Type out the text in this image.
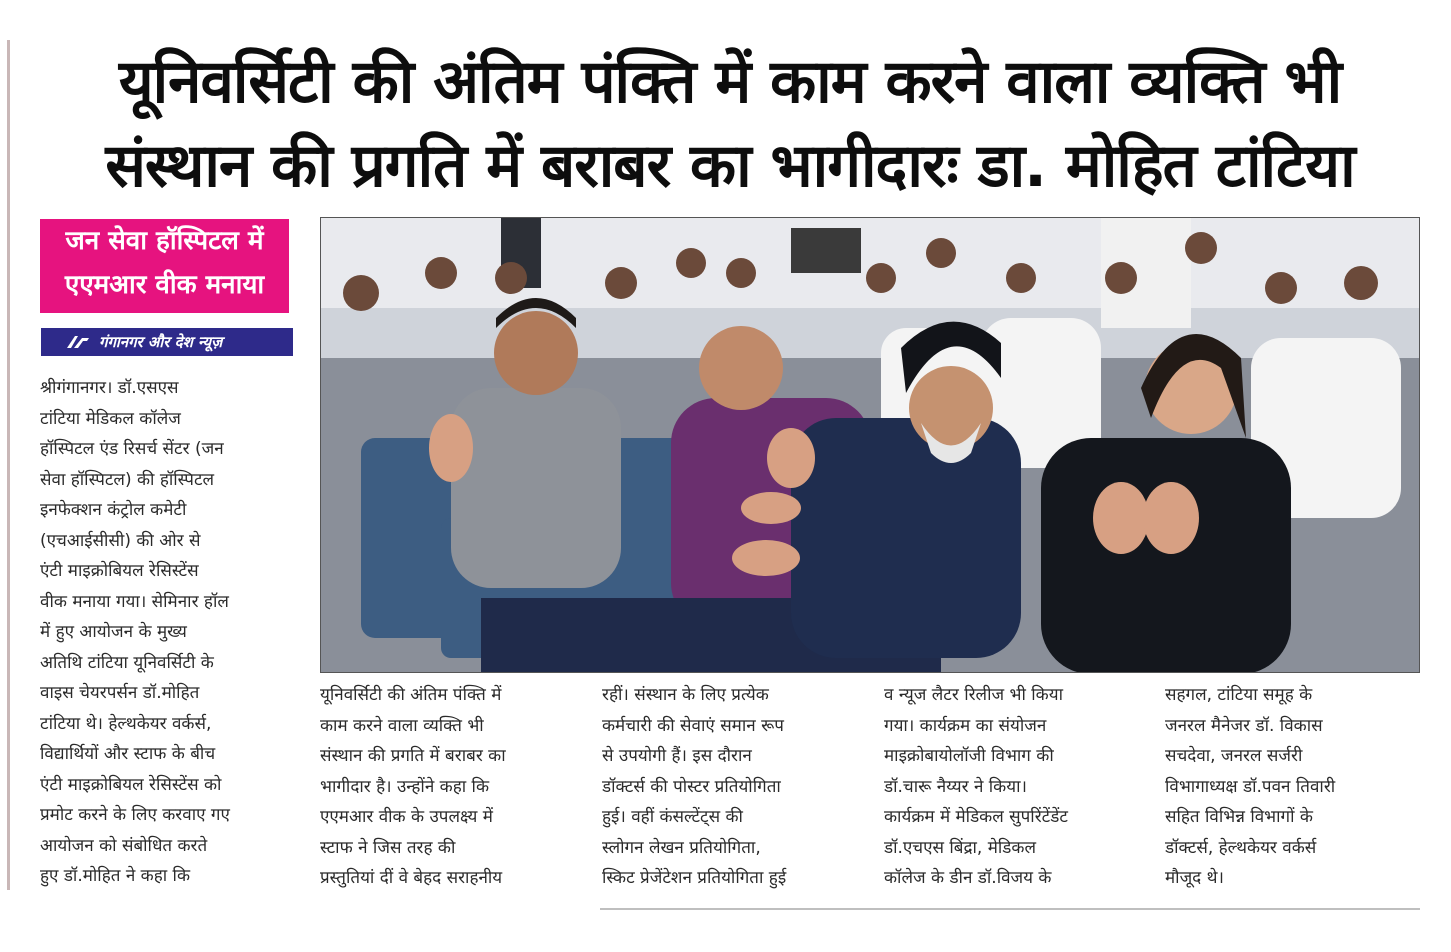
यूनिवर्सिटी की अंतिम पंक्ति में काम करने वाला व्यक्ति भी
संस्थान की प्रगति में बराबर का भागीदारः डा. मोहित टांटिया
जन सेवा हॉस्पिटल में
एएमआर वीक मनाया
गंगानगर और देश न्यूज़
श्रीगंगानगर। डॉ.एसएस
टांटिया मेडिकल कॉलेज
हॉस्पिटल एंड रिसर्च सेंटर (जन
सेवा हॉस्पिटल) की हॉस्पिटल
इनफेक्शन कंट्रोल कमेटी
(एचआईसीसी) की ओर से
एंटी माइक्रोबियल रेसिस्टेंस
वीक मनाया गया। सेमिनार हॉल
में हुए आयोजन के मुख्य
अतिथि टांटिया यूनिवर्सिटी के
वाइस चेयरपर्सन डॉ.मोहित
टांटिया थे। हेल्थकेयर वर्कर्स,
विद्यार्थियों और स्टाफ के बीच
एंटी माइक्रोबियल रेसिस्टेंस को
प्रमोट करने के लिए करवाए गए
आयोजन को संबोधित करते
हुए डॉ.मोहित ने कहा कि
यूनिवर्सिटी की अंतिम पंक्ति में
काम करने वाला व्यक्ति भी
संस्थान की प्रगति में बराबर का
भागीदार है। उन्होंने कहा कि
एएमआर वीक के उपलक्ष्य में
स्टाफ ने जिस तरह की
प्रस्तुतियां दीं वे बेहद सराहनीय
रहीं। संस्थान के लिए प्रत्येक
कर्मचारी की सेवाएं समान रूप
से उपयोगी हैं। इस दौरान
डॉक्टर्स की पोस्टर प्रतियोगिता
हुई। वहीं कंसल्टेंट्स की
स्लोगन लेखन प्रतियोगिता,
स्किट प्रेजेंटेशन प्रतियोगिता हुई
व न्यूज लैटर रिलीज भी किया
गया। कार्यक्रम का संयोजन
माइक्रोबायोलॉजी विभाग की
डॉ.चारू नैय्यर ने किया।
कार्यक्रम में मेडिकल सुपरिंटेंडेंट
डॉ.एचएस बिंद्रा, मेडिकल
कॉलेज के डीन डॉ.विजय के
सहगल, टांटिया समूह के
जनरल मैनेजर डॉ. विकास
सचदेवा, जनरल सर्जरी
विभागाध्यक्ष डॉ.पवन तिवारी
सहित विभिन्न विभागों के
डॉक्टर्स, हेल्थकेयर वर्कर्स
मौजूद थे।
